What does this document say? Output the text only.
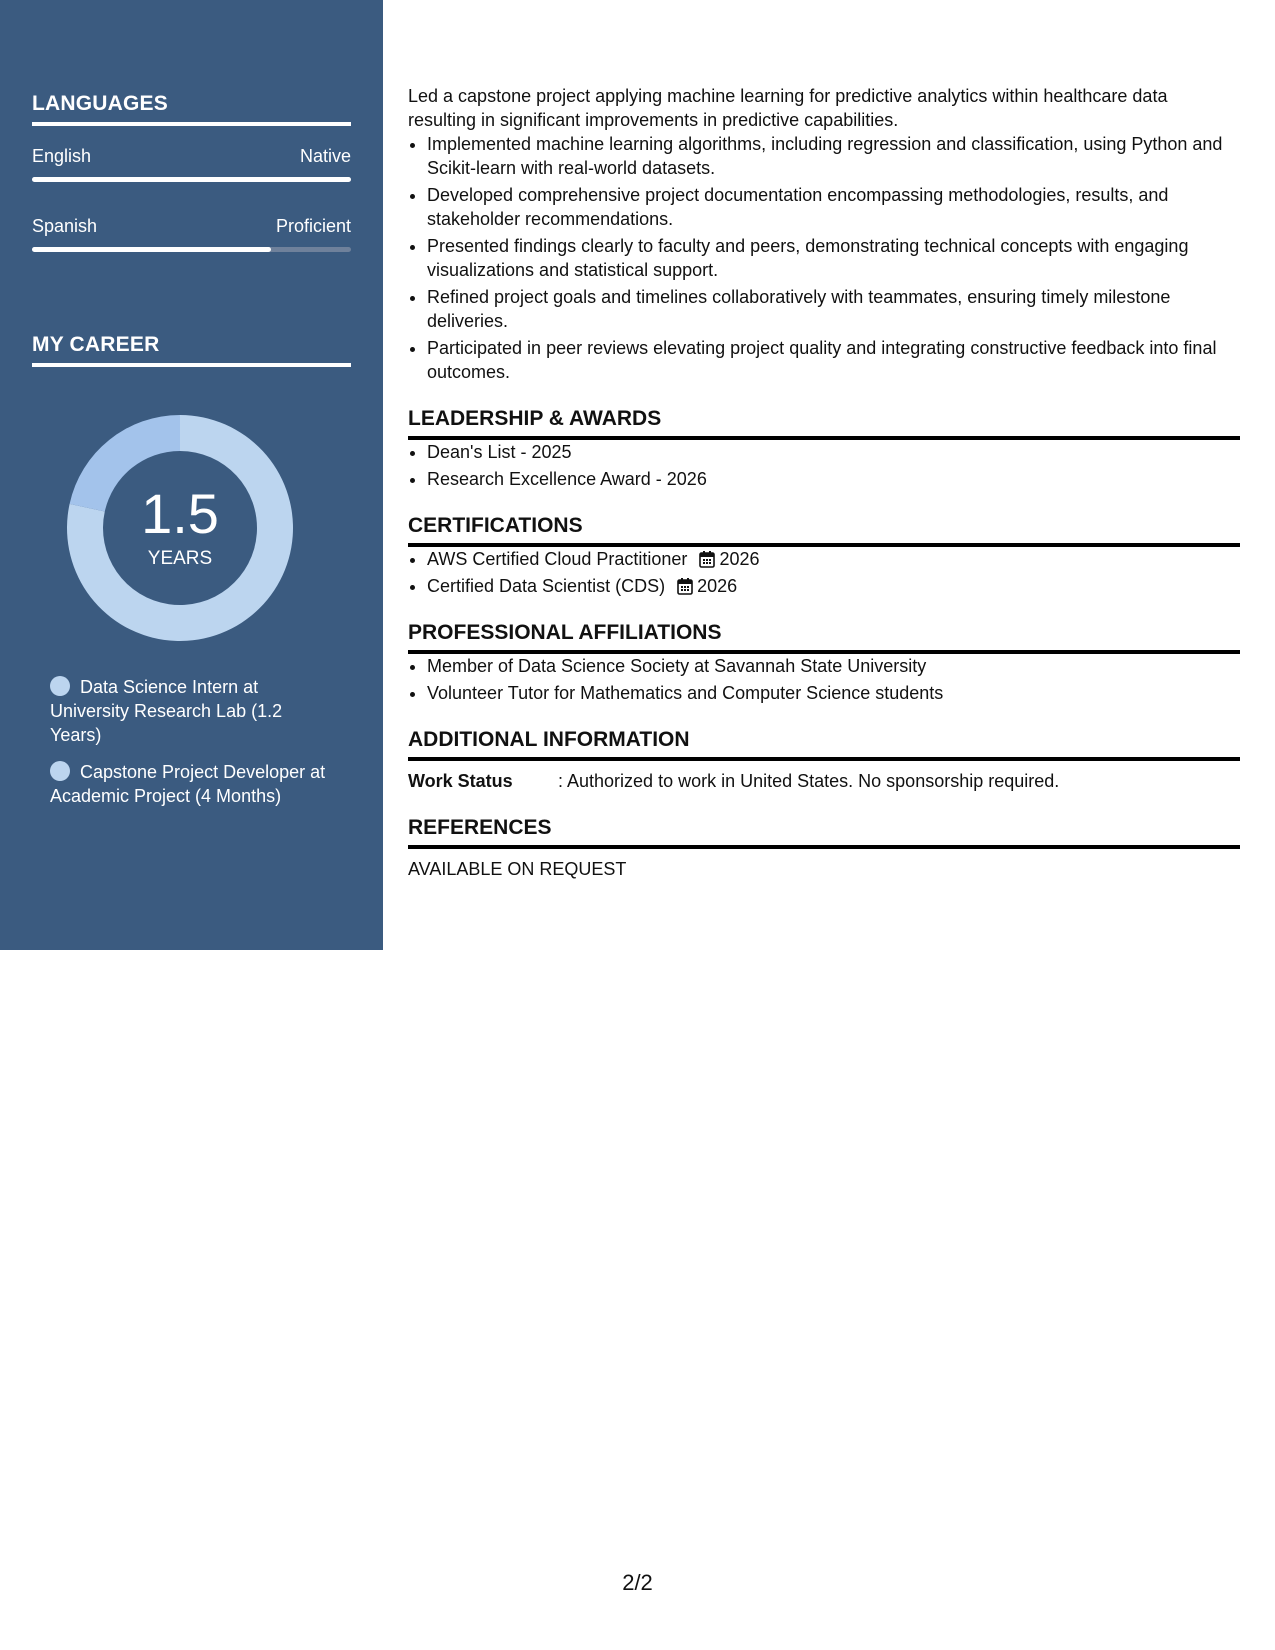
LANGUAGES
English	Native
Spanish	Proficient
MY CAREER
1.5
YEARS
Data Science Intern at University Research Lab (1.2 Years)
Capstone Project Developer at Academic Project (4 Months)

Led a capstone project applying machine learning for predictive analytics within healthcare data resulting in significant improvements in predictive capabilities.

• Implemented machine learning algorithms, including regression and classification, using Python and Scikit-learn with real-world datasets.
• Developed comprehensive project documentation encompassing methodologies, results, and stakeholder recommendations.
• Presented findings clearly to faculty and peers, demonstrating technical concepts with engaging visualizations and statistical support.
• Refined project goals and timelines collaboratively with teammates, ensuring timely milestone deliveries.
• Participated in peer reviews elevating project quality and integrating constructive feedback into final outcomes.
LEADERSHIP & AWARDS
• Dean's List - 2025
• Research Excellence Award - 2026
CERTIFICATIONS
• AWS Certified Cloud Practitioner 2026
• Certified Data Scientist (CDS) 2026
PROFESSIONAL AFFILIATIONS
• Member of Data Science Society at Savannah State University
• Volunteer Tutor for Mathematics and Computer Science students
ADDITIONAL INFORMATION
Work Status	: Authorized to work in United States. No sponsorship required.
REFERENCES
AVAILABLE ON REQUEST
2/2
